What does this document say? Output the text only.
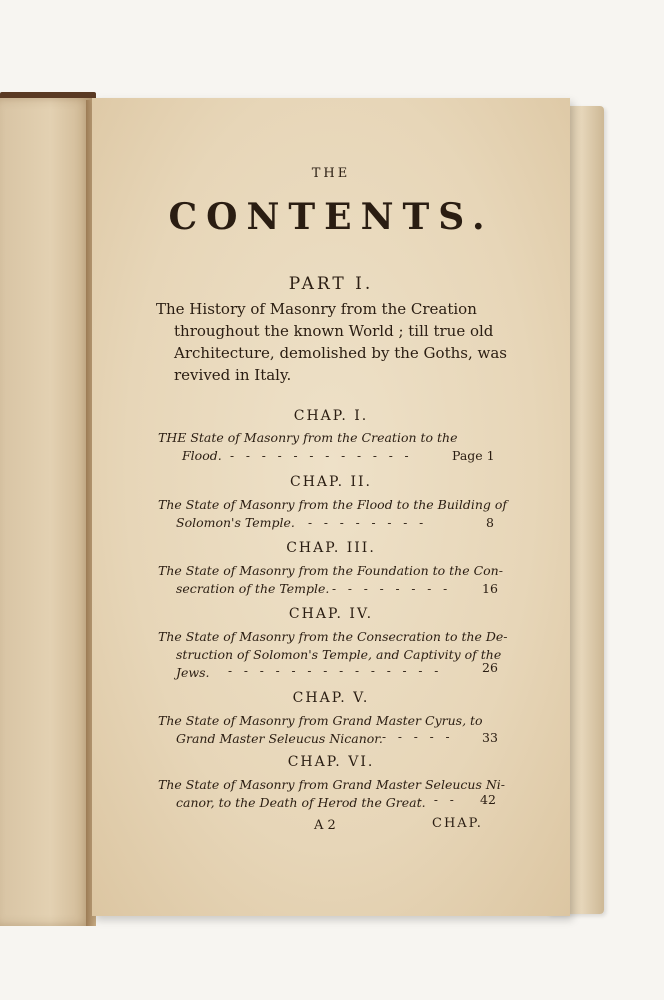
THE
CONTENTS.
PART I.
The History of Masonry from the Creation
throughout the known World ; till true old
Architecture, demolished by the Goths, was
revived in Italy.
CHAP. I.
THE State of Masonry from the Creation to the
Flood. - - - - - - - - - - - -	Page 1
CHAP. II.
The State of Masonry from the Flood to the Building of
Solomon's Temple. - - - - - - - -	8
CHAP. III.
The State of Masonry from the Foundation to the Con-
secration of the Temple. - - - - - - - - 16
CHAP. IV.
The State of Masonry from the Consecration to the De-
struction of Solomon's Temple, and Captivity of the
Jews. - - - - - - - - - - - - - -	26
CHAP. V.
The State of Masonry from Grand Master Cyrus, to
Grand Master Seleucus Nicanor. - - - - - 33
CHAP. VI.
The State of Masonry from Grand Master Seleucus Ni-
canor, to the Death of Herod the Great.
- - - 42
A 2	CHAP.
